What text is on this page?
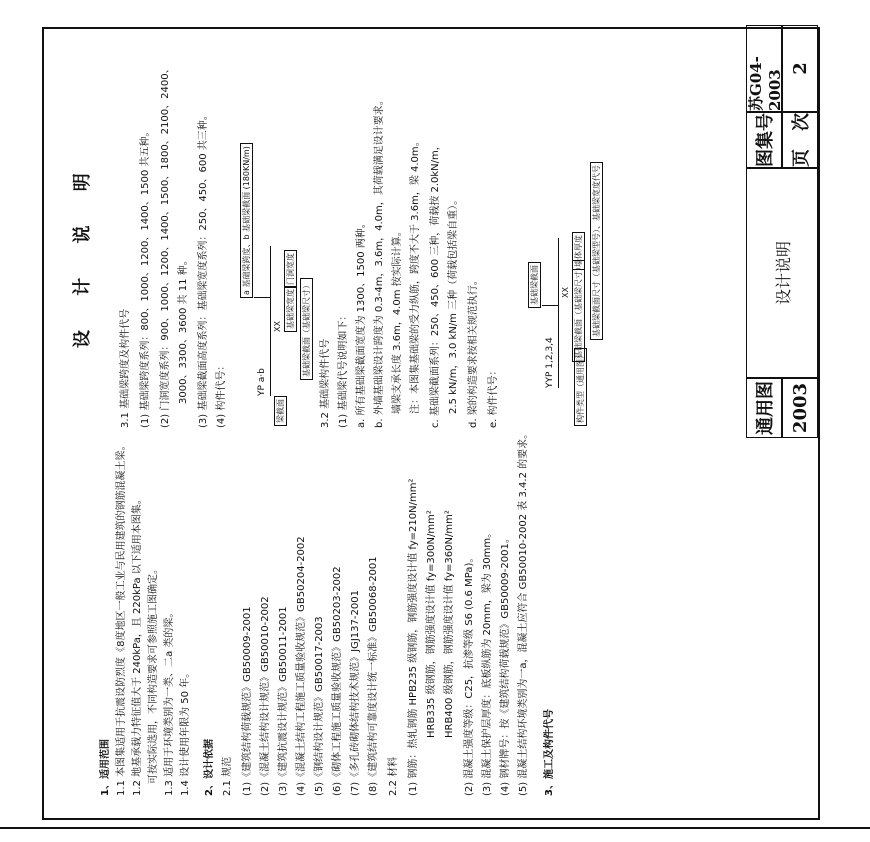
设 计 说 明
1、适用范围 1.1 本图集适用于抗震设防烈度《8度地区一般工业与民用建筑的钢筋混凝土梁。 1.2 地基承载力特征值大于 240kPa，且 220kPa 以下适用本图集。 可按实际选用，不同构造要求可参照施工图确定。 1.3 适用于环境类别为一类、二a 类的梁。 1.4 设计使用年限为 50 年。 2、设计依据 2.1 规范 (1)《建筑结构荷载规范》GB50009-2001 (2)《混凝土结构设计规范》GB50010-2002 (3)《建筑抗震设计规范》GB50011-2001 (4)《混凝土结构工程施工质量验收规范》GB50204-2002 (5)《钢结构设计规范》GB50017-2003 (6)《砌体工程施工质量验收规范》GB50203-2002 (7)《多孔砖砌体结构技术规范》JGJ137-2001 (8)《建筑结构可靠度设计统一标准》GB50068-2001 2.2 材料 (1) 钢筋：热轧钢筋 HPB235 级钢筋，钢筋强度设计值 fy=210N/mm² HRB335 级钢筋，钢筋强度设计值 fy=300N/mm² HRB400 级钢筋，钢筋强度设计值 fy=360N/mm² (2) 混凝土强度等级：C25，抗渗等级 S6 (0.6 MPa)。 (3) 混凝土保护层厚度：底板纵筋为 20mm，梁为 30mm。 (4) 钢材牌号：按《建筑结构荷载规范》GB50009-2001。 (5) 混凝土结构环境类别为一a，混凝土应符合 GB50010-2002 表 3.4.2 的要求。 3、施工及构件代号
3.1 基础梁跨度及构件代号 (1) 基础梁跨度系列：800、1000、1200、1400、1500 共五种。 (2) 门洞宽度系列：900、1000、1200、1400、1500、1800、2100、2400、 3000、3300、3600 共 11 种。 (3) 基础梁截面高度系列：基础梁宽度系列：250、450、600 共三种。 (4) 构件代号：	3.2 基础梁构件代号 (1) 基础梁代号说明如下： a. 所有基础梁截面宽度为 1300、1500 两种。 b. 外墙基础梁设计跨度为 0.3-4m，3.6m，4.0m，其荷载满足设计要求。 墙梁支承长度 3.6m，4.0m 按实际计算。 注：本图集基础梁的受力纵筋，跨度不大于 3.6m，梁 4.0m。 c. 基础梁截面系列：250、450、600 三种，荷载按 2.0kN/m， 2.5 kN/m，3.0 kN/m 三种（荷载包括梁自重）。 d. 梁的构造要求按相关规范执行。 e. 构件代号：
a 基础梁跨度、b 基础梁截面 (180KN/m)
YP a·b
XX 基础梁宽度
门洞宽度
基础梁截面（基础梁尺寸）
梁截面
基础梁截面
YYP 1,2,3,4
XX
墙体厚度
基础梁截面（基础梁尺寸） 基础梁截面尺寸（基础梁型号）、基础梁宽度代号
构件类型（通用图）	通用图 2003
设计说明
图集号
苏G04-2003
页　次
2
